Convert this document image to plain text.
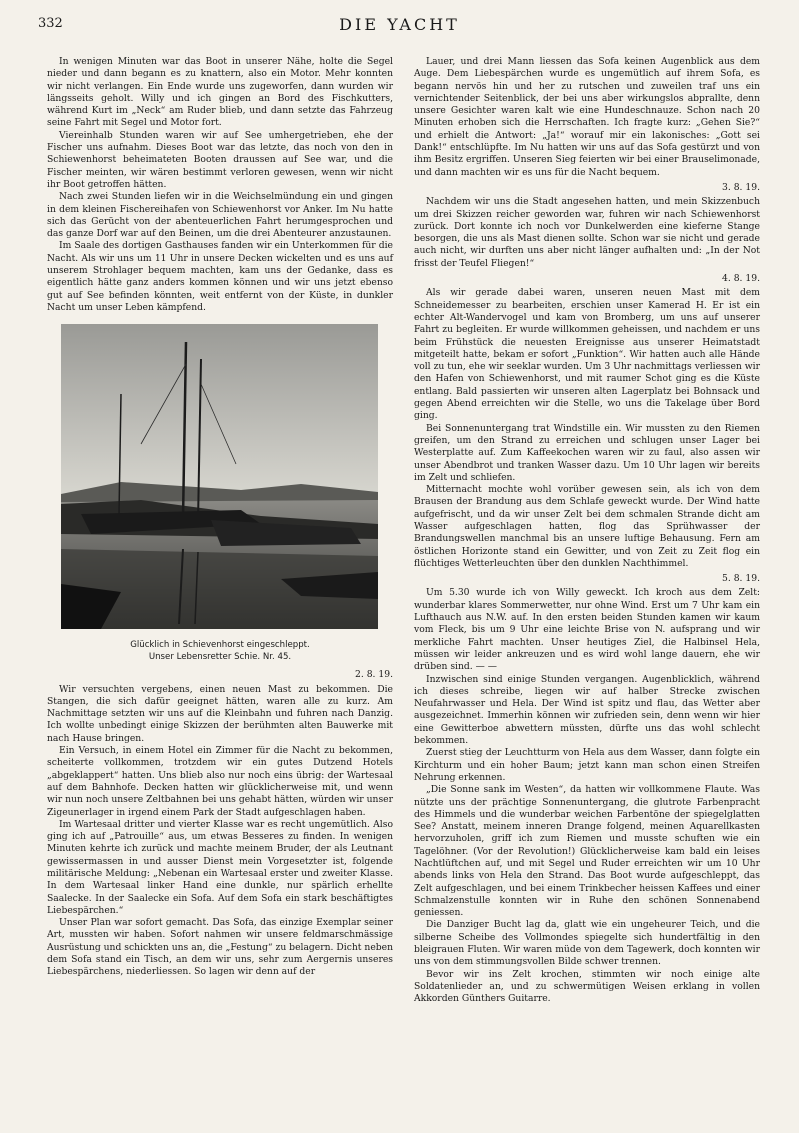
332	DIE YACHT

In wenigen Minuten war das Boot in unserer Nähe, holte die Segel nieder und dann begann es zu knattern, also ein Motor. Mehr konnten wir nicht verlangen. Ein Ende wurde uns zugeworfen, dann wurden wir längsseits geholt. Willy und ich gingen an Bord des Fischkutters, während Kurt im „Neck“ am Ruder blieb, und dann setzte das Fahrzeug seine Fahrt mit Segel und Motor fort.

Viereinhalb Stunden waren wir auf See umhergetrieben, ehe der Fischer uns aufnahm. Dieses Boot war das letzte, das noch von den in Schiewenhorst beheimateten Booten draussen auf See war, und die Fischer meinten, wir wären bestimmt verloren gewesen, wenn wir nicht ihr Boot getroffen hätten.

Nach zwei Stunden liefen wir in die Weichselmündung ein und gingen in dem kleinen Fischereihafen von Schiewenhorst vor Anker. Im Nu hatte sich das Gerücht von der abenteuerlichen Fahrt herumgesprochen und das ganze Dorf war auf den Beinen, um die drei Abenteurer anzustaunen.

Im Saale des dortigen Gasthauses fanden wir ein Unterkommen für die Nacht. Als wir uns um 11 Uhr in unsere Decken wickelten und es uns auf unserem Strohlager bequem machten, kam uns der Gedanke, dass es eigentlich hätte ganz anders kommen können und wir uns jetzt ebenso gut auf See befinden könnten, weit entfernt von der Küste, in dunkler Nacht um unser Leben kämpfend.

Glücklich in Schievenhorst eingeschleppt.
Unser Lebensretter Schie. Nr. 45.
2. 8. 19.

Wir versuchten vergebens, einen neuen Mast zu bekommen. Die Stangen, die sich dafür geeignet hätten, waren alle zu kurz. Am Nachmittage setzten wir uns auf die Kleinbahn und fuhren nach Danzig. Ich wollte unbedingt einige Skizzen der berühmten alten Bauwerke mit nach Hause bringen.

Ein Versuch, in einem Hotel ein Zimmer für die Nacht zu bekommen, scheiterte vollkommen, trotzdem wir ein gutes Dutzend Hotels „abgeklappert“ hatten. Uns blieb also nur noch eins übrig: der Wartesaal auf dem Bahnhofe. Decken hatten wir glücklicherweise mit, und wenn wir nun noch unsere Zeltbahnen bei uns gehabt hätten, würden wir unser Zigeunerlager in irgend einem Park der Stadt aufgeschlagen haben.

Im Wartesaal dritter und vierter Klasse war es recht ungemütlich. Also ging ich auf „Patrouille“ aus, um etwas Besseres zu finden. In wenigen Minuten kehrte ich zurück und machte meinem Bruder, der als Leutnant gewissermassen in und ausser Dienst mein Vorgesetzter ist, folgende militärische Meldung: „Nebenan ein Wartesaal erster und zweiter Klasse. In dem Wartesaal linker Hand eine dunkle, nur spärlich erhellte Saalecke. In der Saalecke ein Sofa. Auf dem Sofa ein stark beschäftigtes Liebespärchen.“

Unser Plan war sofort gemacht. Das Sofa, das einzige Exemplar seiner Art, mussten wir haben. Sofort nahmen wir unsere feldmarschmässige Ausrüstung und schickten uns an, die „Festung“ zu belagern. Dicht neben dem Sofa stand ein Tisch, an dem wir uns, sehr zum Aergernis unseres Liebespärchens, niederliessen. So lagen wir denn auf der

Lauer, und drei Mann liessen das Sofa keinen Augenblick aus dem Auge. Dem Liebespärchen wurde es ungemütlich auf ihrem Sofa, es begann nervös hin und her zu rutschen und zuweilen traf uns ein vernichtender Seitenblick, der bei uns aber wirkungslos abprallte, denn unsere Gesichter waren kalt wie eine Hundeschnauze. Schon nach 20 Minuten erhoben sich die Herrschaften. Ich fragte kurz: „Gehen Sie?“ und erhielt die Antwort: „Ja!“ worauf mir ein lakonisches: „Gott sei Dank!“ entschlüpfte. Im Nu hatten wir uns auf das Sofa gestürzt und von ihm Besitz ergriffen. Unseren Sieg feierten wir bei einer Brauselimonade, und dann machten wir es uns für die Nacht bequem.

3. 8. 19.

Nachdem wir uns die Stadt angesehen hatten, und mein Skizzenbuch um drei Skizzen reicher geworden war, fuhren wir nach Schiewenhorst zurück. Dort konnte ich noch vor Dunkelwerden eine kieferne Stange besorgen, die uns als Mast dienen sollte. Schon war sie nicht und gerade auch nicht, wir durften uns aber nicht länger aufhalten und: „In der Not frisst der Teufel Fliegen!“

4. 8. 19.

Als wir gerade dabei waren, unseren neuen Mast mit dem Schneidemesser zu bearbeiten, erschien unser Kamerad H. Er ist ein echter Alt-Wandervogel und kam von Bromberg, um uns auf unserer Fahrt zu begleiten. Er wurde willkommen geheissen, und nachdem er uns beim Frühstück die neuesten Ereignisse aus unserer Heimatstadt mitgeteilt hatte, bekam er sofort „Funktion“. Wir hatten auch alle Hände voll zu tun, ehe wir seeklar wurden. Um 3 Uhr nachmittags verliessen wir den Hafen von Schiewenhorst, und mit raumer Schot ging es die Küste entlang. Bald passierten wir unseren alten Lagerplatz bei Bohnsack und gegen Abend erreichten wir die Stelle, wo uns die Takelage über Bord ging.

Bei Sonnenuntergang trat Windstille ein. Wir mussten zu den Riemen greifen, um den Strand zu erreichen und schlugen unser Lager bei Westerplatte auf. Zum Kaffeekochen waren wir zu faul, also assen wir unser Abendbrot und tranken Wasser dazu. Um 10 Uhr lagen wir bereits im Zelt und schliefen.

Mitternacht mochte wohl vorüber gewesen sein, als ich von dem Brausen der Brandung aus dem Schlafe geweckt wurde. Der Wind hatte aufgefrischt, und da wir unser Zelt bei dem schmalen Strande dicht am Wasser aufgeschlagen hatten, flog das Sprühwasser der Brandungswellen manchmal bis an unsere luftige Behausung. Fern am östlichen Horizonte stand ein Gewitter, und von Zeit zu Zeit flog ein flüchtiges Wetterleuchten über den dunklen Nachthimmel.

5. 8. 19.

Um 5.30 wurde ich von Willy geweckt. Ich kroch aus dem Zelt: wunderbar klares Sommerwetter, nur ohne Wind. Erst um 7 Uhr kam ein Lufthauch aus N.W. auf. In den ersten beiden Stunden kamen wir kaum vom Fleck, bis um 9 Uhr eine leichte Brise von N. aufsprang und wir merkliche Fahrt machten. Unser heutiges Ziel, die Halbinsel Hela, müssen wir leider ankreuzen und es wird wohl lange dauern, ehe wir drüben sind. — —

Inzwischen sind einige Stunden vergangen. Augenblicklich, während ich dieses schreibe, liegen wir auf halber Strecke zwischen Neufahrwasser und Hela. Der Wind ist spitz und flau, das Wetter aber ausgezeichnet. Immerhin können wir zufrieden sein, denn wenn wir hier eine Gewitterboe abwettern müssten, dürfte uns das wohl schlecht bekommen.

Zuerst stieg der Leuchtturm von Hela aus dem Wasser, dann folgte ein Kirchturm und ein hoher Baum; jetzt kann man schon einen Streifen Nehrung erkennen.

„Die Sonne sank im Westen“, da hatten wir vollkommene Flaute. Was nützte uns der prächtige Sonnenuntergang, die glutrote Farbenpracht des Himmels und die wunderbar weichen Farbentöne der spiegelglatten See? Anstatt, meinem inneren Drange folgend, meinen Aquarellkasten hervorzuholen, griff ich zum Riemen und musste schuften wie ein Tagelöhner. (Vor der Revolution!) Glücklicherweise kam bald ein leises Nachtlüftchen auf, und mit Segel und Ruder erreichten wir um 10 Uhr abends links von Hela den Strand. Das Boot wurde aufgeschleppt, das Zelt aufgeschlagen, und bei einem Trinkbecher heissen Kaffees und einer Schmalzenstulle konnten wir in Ruhe den schönen Sonnenabend geniessen.

Die Danziger Bucht lag da, glatt wie ein ungeheurer Teich, und die silberne Scheibe des Vollmondes spiegelte sich hundertfältig in den bleigrauen Fluten. Wir waren müde von dem Tagewerk, doch konnten wir uns von dem stimmungsvollen Bilde schwer trennen.

Bevor wir ins Zelt krochen, stimmten wir noch einige alte Soldatenlieder an, und zu schwermütigen Weisen erklang in vollen Akkorden Günthers Guitarre.
